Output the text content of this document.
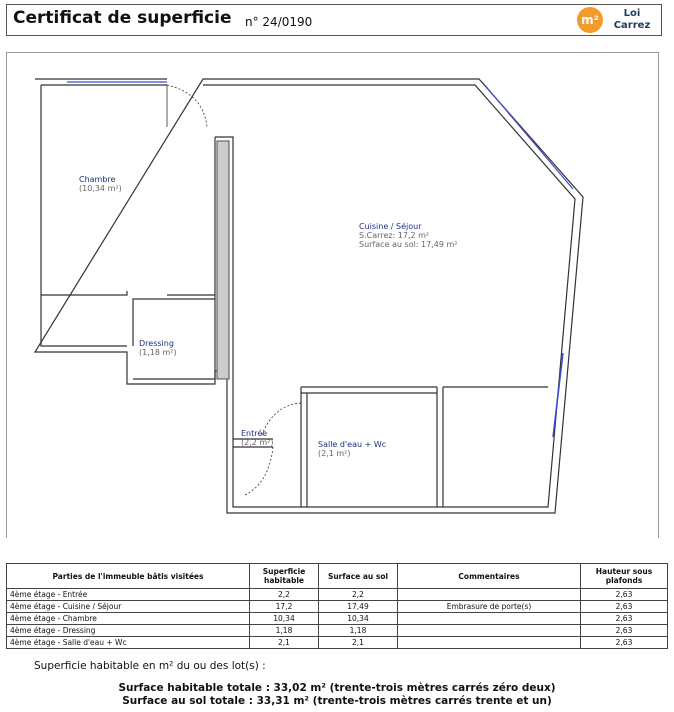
Certificat de superficie n° 24/0190	m²	Loi
Carrez
Chambre
(10,34 m²)
Dressing
(1,18 m²)
Cuisine / Séjour
S.Carrez: 17,2 m²
Surface au sol: 17,49 m²
Entrée
(2,2 m²)	Salle d'eau + Wc
(2,1 m²)
Parties de l'immeuble bâtis visitées	Superficie habitable	Surface au sol	Commentaires	Hauteur sous plafonds
4ème étage - Entrée	2,2	2,2		2,63
4ème étage - Cuisine / Séjour	17,2	17,49	Embrasure de porte(s)	2,63
4ème étage - Chambre	10,34	10,34		2,63
4ème étage - Dressing	1,18	1,18		2,63
4ème étage - Salle d'eau + Wc	2,1	2,1		2,63
Superficie habitable en m² du ou des lot(s) :
Surface habitable totale : 33,02 m² (trente-trois mètres carrés zéro deux)
Surface au sol totale : 33,31 m² (trente-trois mètres carrés trente et un)
